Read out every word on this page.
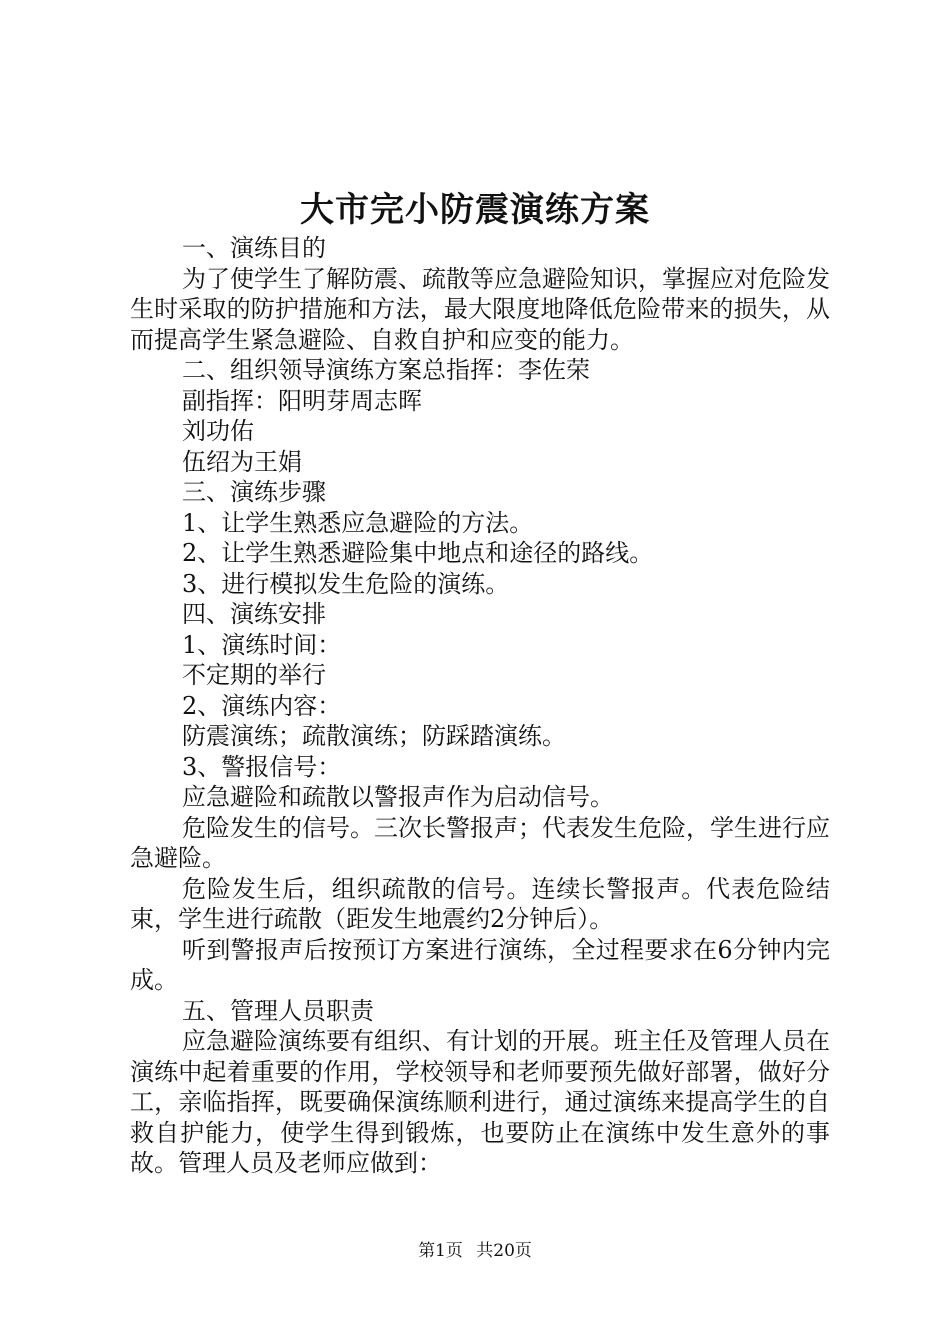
大市完小防震演练方案

一、演练目的

为了使学生了解防震、疏散等应急避险知识，掌握应对危险发生时采取的防护措施和方法，最大限度地降低危险带来的损失，从而提高学生紧急避险、自救自护和应变的能力。

二、组织领导演练方案总指挥：李佐荣

副指挥：阳明芽周志晖

刘功佑

伍绍为王娟

三、演练步骤

1、让学生熟悉应急避险的方法。

2、让学生熟悉避险集中地点和途径的路线。

3、进行模拟发生危险的演练。

四、演练安排

1、演练时间：

不定期的举行

2、演练内容：

防震演练；疏散演练；防踩踏演练。

3、警报信号：

应急避险和疏散以警报声作为启动信号。

危险发生的信号。三次长警报声；代表发生危险，学生进行应急避险。

危险发生后，组织疏散的信号。连续长警报声。代表危险结束，学生进行疏散（距发生地震约2分钟后）。

听到警报声后按预订方案进行演练，全过程要求在6分钟内完成。

五、管理人员职责

应急避险演练要有组织、有计划的开展。班主任及管理人员在演练中起着重要的作用，学校领导和老师要预先做好部署，做好分工，亲临指挥，既要确保演练顺利进行，通过演练来提高学生的自救自护能力，使学生得到锻炼，也要防止在演练中发生意外的事故。管理人员及老师应做到：

第1页 共20页
